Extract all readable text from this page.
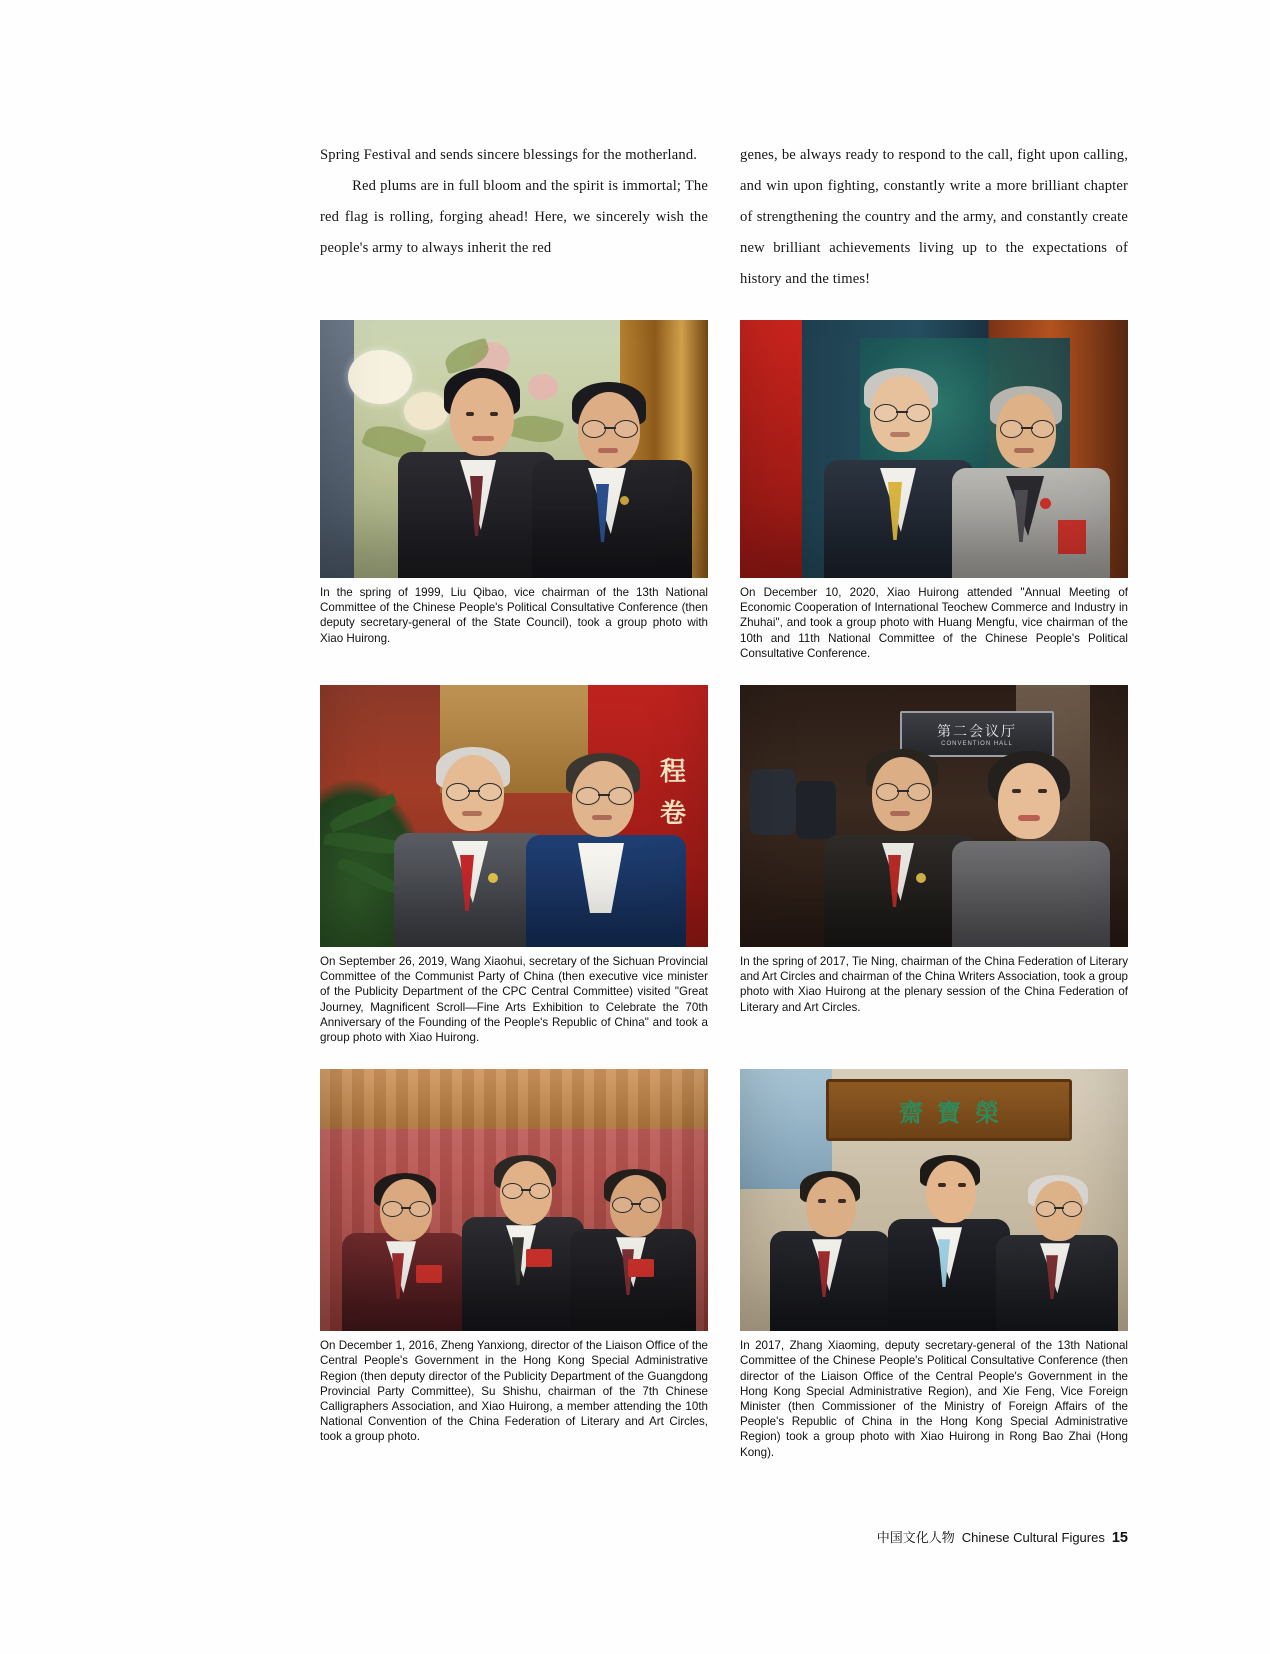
Spring Festival and sends sincere blessings for the motherland.

Red plums are in full bloom and the spirit is immortal; The red flag is rolling, forging ahead! Here, we sincerely wish the people's army to always inherit the red

genes, be always ready to respond to the call, fight upon calling, and win upon fighting, constantly write a more brilliant chapter of strengthening the country and the army, and constantly create new brilliant achievements living up to the expectations of history and the times!

In the spring of 1999, Liu Qibao, vice chairman of the 13th National Committee of the Chinese People's Political Consultative Conference (then deputy secretary-general of the State Council), took a group photo with Xiao Huirong.
On December 10, 2020, Xiao Huirong attended "Annual Meeting of Economic Cooperation of International Teochew Commerce and Industry in Zhuhai", and took a group photo with Huang Mengfu, vice chairman of the 10th and 11th National Committee of the Chinese People's Political Consultative Conference.
程
卷
On September 26, 2019, Wang Xiaohui, secretary of the Sichuan Provincial Committee of the Communist Party of China (then executive vice minister of the Publicity Department of the CPC Central Committee) visited "Great Journey, Magnificent Scroll—Fine Arts Exhibition to Celebrate the 70th Anniversary of the Founding of the People's Republic of China" and took a group photo with Xiao Huirong.
第二会议厅
CONVENTION HALL
In the spring of 2017, Tie Ning, chairman of the China Federation of Literary and Art Circles and chairman of the China Writers Association, took a group photo with Xiao Huirong at the plenary session of the China Federation of Literary and Art Circles.
On December 1, 2016, Zheng Yanxiong, director of the Liaison Office of the Central People's Government in the Hong Kong Special Administrative Region (then deputy director of the Publicity Department of the Guangdong Provincial Party Committee), Su Shishu, chairman of the 7th Chinese Calligraphers Association, and Xiao Huirong, a member attending the 10th National Convention of the China Federation of Literary and Art Circles, took a group photo.
齋 寶 榮
In 2017, Zhang Xiaoming, deputy secretary-general of the 13th National Committee of the Chinese People's Political Consultative Conference (then director of the Liaison Office of the Central People's Government in the Hong Kong Special Administrative Region), and Xie Feng, Vice Foreign Minister (then Commissioner of the Ministry of Foreign Affairs of the People's Republic of China in the Hong Kong Special Administrative Region) took a group photo with Xiao Huirong in Rong Bao Zhai (Hong Kong).
中国文化人物 Chinese Cultural Figures 15
